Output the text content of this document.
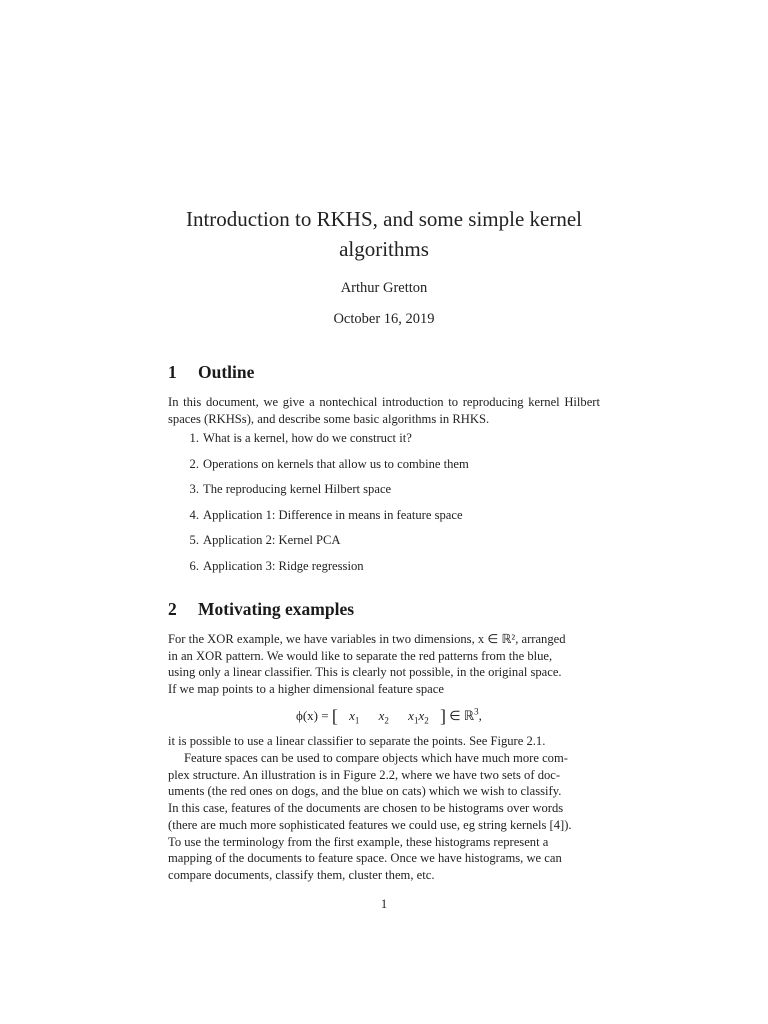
Introduction to RKHS, and some simple kernel algorithms
Arthur Gretton
October 16, 2019
1 Outline

In this document, we give a nontechical introduction to reproducing kernel Hilbert spaces (RKHSs), and describe some basic algorithms in RHKS.

1. What is a kernel, how do we construct it?
2. Operations on kernels that allow us to combine them
3. The reproducing kernel Hilbert space
4. Application 1: Difference in means in feature space
5. Application 2: Kernel PCA
6. Application 3: Ridge regression
2 Motivating examples
For the XOR example, we have variables in two dimensions, x ∈ ℝ², arranged
in an XOR pattern. We would like to separate the red patterns from the blue,
using only a linear classifier. This is clearly not possible, in the original space.
If we map points to a higher dimensional feature space
ϕ(x) = [ $x_1$ $x_2$ $x_1x_2$ ] ∈ ℝ$^3$,
it is possible to use a linear classifier to separate the points. See Figure 2.1.
Feature spaces can be used to compare objects which have much more com-
plex structure. An illustration is in Figure 2.2, where we have two sets of doc-
uments (the red ones on dogs, and the blue on cats) which we wish to classify.
In this case, features of the documents are chosen to be histograms over words
(there are much more sophisticated features we could use, eg string kernels [4]).
To use the terminology from the first example, these histograms represent a
mapping of the documents to feature space. Once we have histograms, we can
compare documents, classify them, cluster them, etc.
1
